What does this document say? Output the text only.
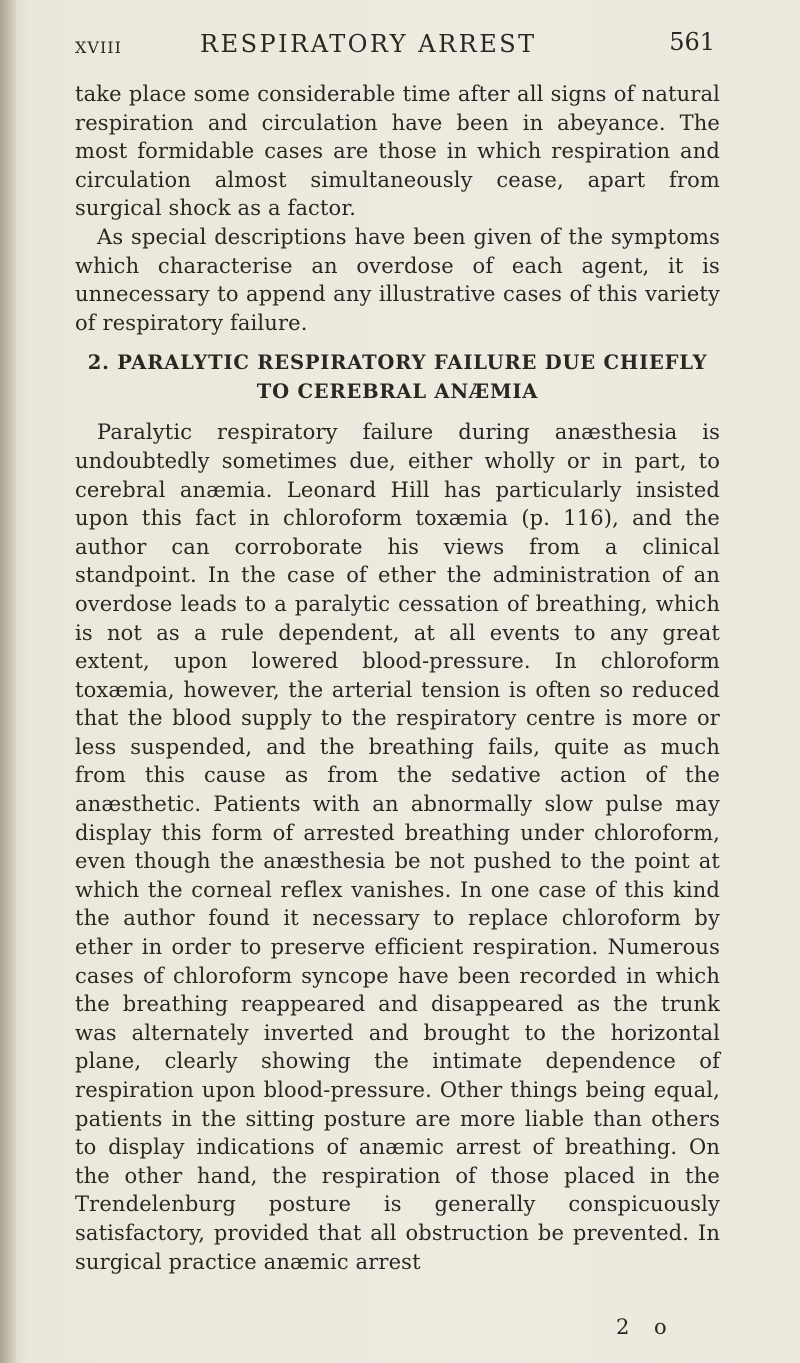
XVIII	RESPIRATORY ARREST	561

take place some considerable time after all signs of natural respiration and circulation have been in abeyance. The most formidable cases are those in which respiration and circulation almost simultaneously cease, apart from surgical shock as a factor.

As special descriptions have been given of the symptoms which characterise an overdose of each agent, it is unnecessary to append any illustrative cases of this variety of respiratory failure.

2. PARALYTIC RESPIRATORY FAILURE DUE CHIEFLY
TO CEREBRAL ANÆMIA

Paralytic respiratory failure during anæsthesia is undoubtedly sometimes due, either wholly or in part, to cerebral anæmia. Leonard Hill has particularly insisted upon this fact in chloroform toxæmia (p. 116), and the author can corroborate his views from a clinical standpoint. In the case of ether the administration of an overdose leads to a paralytic cessation of breathing, which is not as a rule dependent, at all events to any great extent, upon lowered blood-pressure. In chloroform toxæmia, however, the arterial tension is often so reduced that the blood supply to the respiratory centre is more or less suspended, and the breathing fails, quite as much from this cause as from the sedative action of the anæsthetic. Patients with an abnormally slow pulse may display this form of arrested breathing under chloroform, even though the anæsthesia be not pushed to the point at which the corneal reflex vanishes. In one case of this kind the author found it necessary to replace chloroform by ether in order to preserve efficient respiration. Numerous cases of chloroform syncope have been recorded in which the breathing reappeared and disappeared as the trunk was alternately inverted and brought to the horizontal plane, clearly showing the intimate dependence of respiration upon blood-pressure. Other things being equal, patients in the sitting posture are more liable than others to display indications of anæmic arrest of breathing. On the other hand, the respiration of those placed in the Trendelenburg posture is generally conspicuously satisfactory, provided that all obstruction be prevented. In surgical practice anæmic arrest

2 o
